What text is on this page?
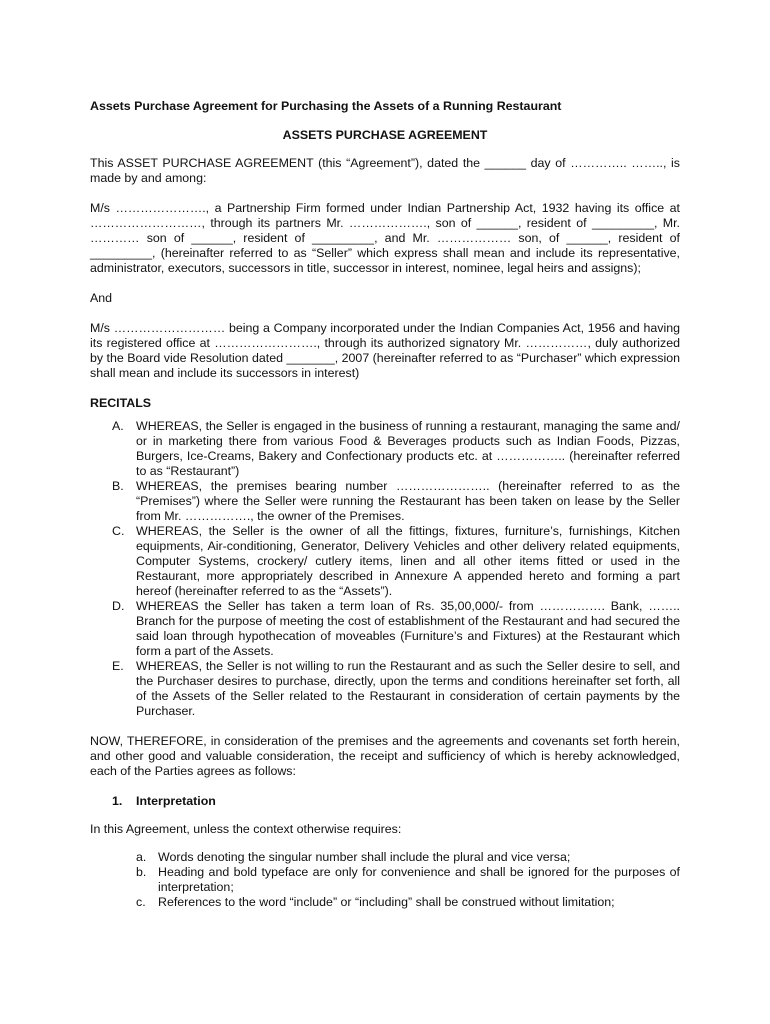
Assets Purchase Agreement for Purchasing the Assets of a Running Restaurant
ASSETS PURCHASE AGREEMENT

This ASSET PURCHASE AGREEMENT (this “Agreement”), dated the ______ day of ………….. …….., is made by and among:

M/s …………………., a Partnership Firm formed under Indian Partnership Act, 1932 having its office at ………………………, through its partners Mr. ………………., son of ______, resident of _________, Mr. ………… son of ______, resident of _________, and Mr. ……………… son, of ______, resident of _________, (hereinafter referred to as “Seller” which express shall mean and include its representative, administrator, executors, successors in title, successor in interest, nominee, legal heirs and assigns);

And

M/s ……………………… being a Company incorporated under the Indian Companies Act, 1956 and having its registered office at ……………………., through its authorized signatory Mr. ……………, duly authorized by the Board vide Resolution dated _______, 2007 (hereinafter referred to as “Purchaser” which expression shall mean and include its successors in interest)

RECITALS
A. WHEREAS, the Seller is engaged in the business of running a restaurant, managing the same and/ or in marketing there from various Food & Beverages products such as Indian Foods, Pizzas, Burgers, Ice-Creams, Bakery and Confectionary products etc. at …………….. (hereinafter referred to as “Restaurant”)
B. WHEREAS, the premises bearing number ………………….. (hereinafter referred to as the “Premises”) where the Seller were running the Restaurant has been taken on lease by the Seller from Mr. ……………., the owner of the Premises.
C. WHEREAS, the Seller is the owner of all the fittings, fixtures, furniture’s, furnishings, Kitchen equipments, Air-conditioning, Generator, Delivery Vehicles and other delivery related equipments, Computer Systems, crockery/ cutlery items, linen and all other items fitted or used in the Restaurant, more appropriately described in Annexure A appended hereto and forming a part hereof (hereinafter referred to as the “Assets”).
D. WHEREAS the Seller has taken a term loan of Rs. 35,00,000/- from ……………. Bank, …….. Branch for the purpose of meeting the cost of establishment of the Restaurant and had secured the said loan through hypothecation of moveables (Furniture’s and Fixtures) at the Restaurant which form a part of the Assets.
E. WHEREAS, the Seller is not willing to run the Restaurant and as such the Seller desire to sell, and the Purchaser desires to purchase, directly, upon the terms and conditions hereinafter set forth, all of the Assets of the Seller related to the Restaurant in consideration of certain payments by the Purchaser.

NOW, THEREFORE, in consideration of the premises and the agreements and covenants set forth herein, and other good and valuable consideration, the receipt and sufficiency of which is hereby acknowledged, each of the Parties agrees as follows:

1. Interpretation

In this Agreement, unless the context otherwise requires:

a. Words denoting the singular number shall include the plural and vice versa;
b. Heading and bold typeface are only for convenience and shall be ignored for the purposes of interpretation;
c. References to the word “include” or “including” shall be construed without limitation;
